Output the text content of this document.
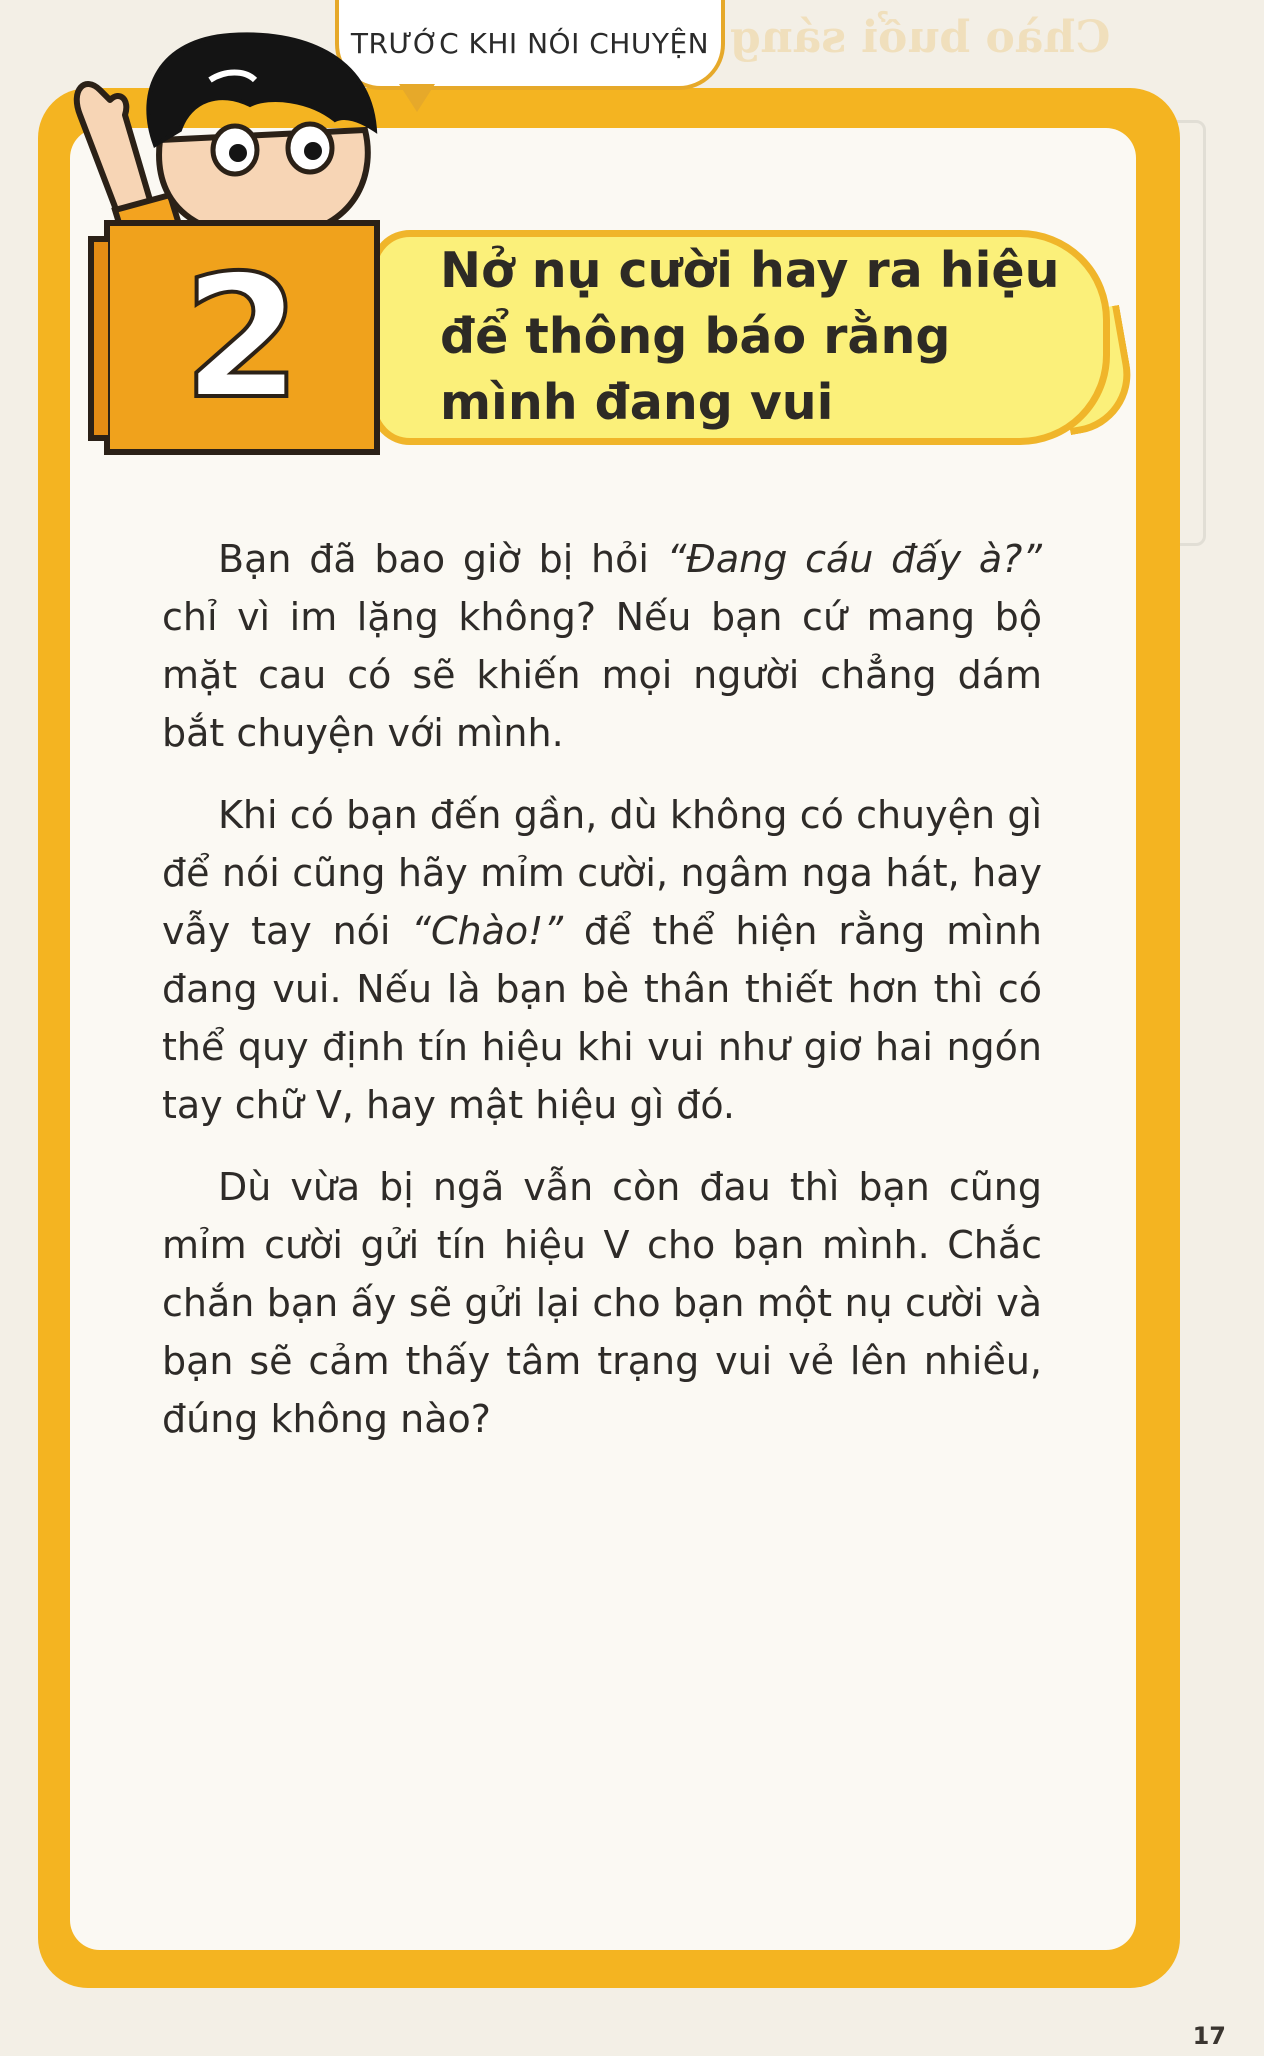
Chào buổi sáng
TRƯỚC KHI NÓI CHUYỆN
2	Nở nụ cười hay ra hiệu
để thông báo rằng
mình đang vui

Bạn đã bao giờ bị hỏi “Đang cáu đấy à?” chỉ vì im lặng không? Nếu bạn cứ mang bộ mặt cau có sẽ khiến mọi người chẳng dám bắt chuyện với mình.

Khi có bạn đến gần, dù không có chuyện gì để nói cũng hãy mỉm cười, ngâm nga hát, hay vẫy tay nói “Chào!” để thể hiện rằng mình đang vui. Nếu là bạn bè thân thiết hơn thì có thể quy định tín hiệu khi vui như giơ hai ngón tay chữ V, hay mật hiệu gì đó.

Dù vừa bị ngã vẫn còn đau thì bạn cũng mỉm cười gửi tín hiệu V cho bạn mình. Chắc chắn bạn ấy sẽ gửi lại cho bạn một nụ cười và bạn sẽ cảm thấy tâm trạng vui vẻ lên nhiều, đúng không nào?

17
